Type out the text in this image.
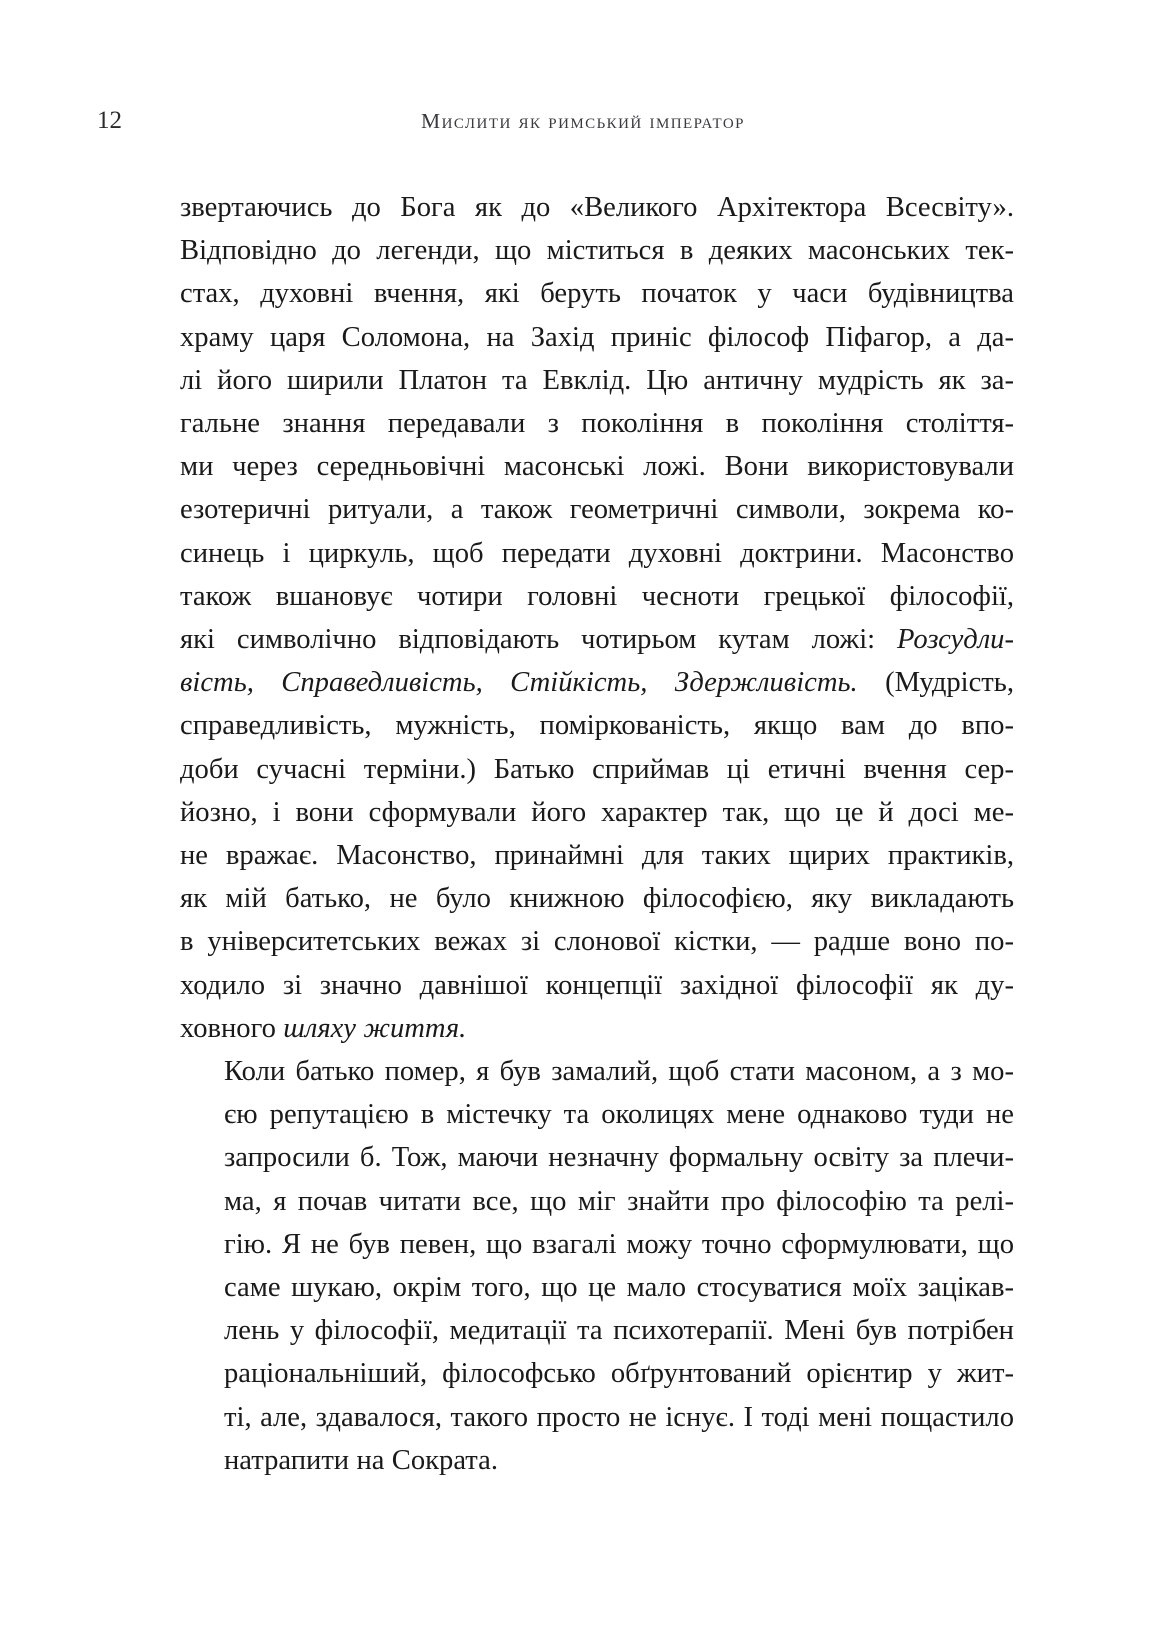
12	Мислити як римський імператор

звертаючись до Бога як до «Великого Архітектора Всесвіту».
Відповідно до легенди, що міститься в деяких масонських тек-
стах, духовні вчення, які беруть початок у часи будівництва
храму царя Соломона, на Захід приніс філософ Піфагор, а да-
лі його ширили Платон та Евклід. Цю античну мудрість як за-
гальне знання передавали з покоління в покоління століття-
ми через середньовічні масонські ложі. Вони використовували
езотеричні ритуали, а також геометричні символи, зокрема ко-
синець і циркуль, щоб передати духовні доктрини. Масонство
також вшановує чотири головні чесноти грецької філософії,
які символічно відповідають чотирьом кутам ложі: Розсудли-
вість, Справедливість, Стійкість, Здержливість. (Мудрість,
справедливість, мужність, поміркованість, якщо вам до впо-
доби сучасні терміни.) Батько сприймав ці етичні вчення сер-
йозно, і вони сформували його характер так, що це й досі ме-
не вражає. Масонство, принаймні для таких щирих практиків,
як мій батько, не було книжною філософією, яку викладають
в університетських вежах зі слонової кістки, — радше воно по-
ходило зі значно давнішої концепції західної філософії як ду-
ховного шляху життя.

Коли батько помер, я був замалий, щоб стати масоном, а з мо-
єю репутацією в містечку та околицях мене однаково туди не
запросили б. Тож, маючи незначну формальну освіту за плечи-
ма, я почав читати все, що міг знайти про філософію та релі-
гію. Я не був певен, що взагалі можу точно сформулювати, що
саме шукаю, окрім того, що це мало стосуватися моїх зацікав-
лень у філософії, медитації та психотерапії. Мені був потрібен
раціональніший, філософсько обґрунтований орієнтир у жит-
ті, але, здавалося, такого просто не існує. І тоді мені пощастило
натрапити на Сократа.
